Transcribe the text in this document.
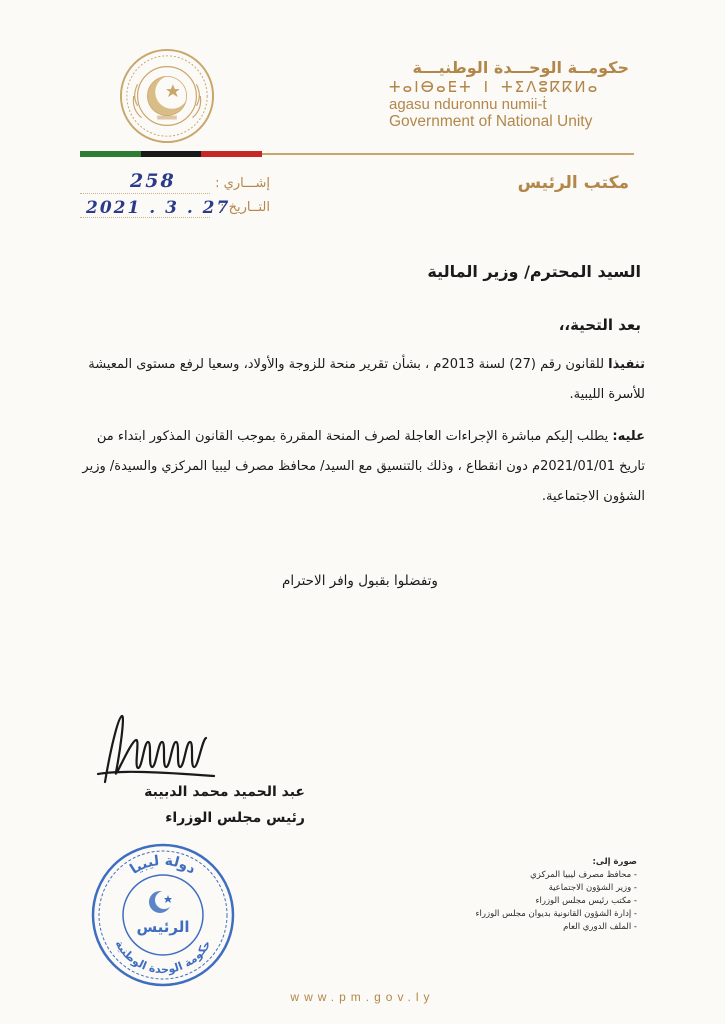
حكومــة الوحـــدة الوطنيـــة

ⵜⴰⵏⴱⴰⴹⵜ ⵏ ⵜⵉⴷⵓⴽⴽⵍⴰ

agasu nduronnu numii-ṫ

Government of National Unity

مكتب الرئيس
إشـــاري :
258
التــاريخ :
2021 . 3 . 27
السيد المحترم/ وزير المالية
بعد التحية،،
تنفيذا للقانون رقم (27) لسنة 2013م ، بشأن تقرير منحة للزوجة والأولاد، وسعيا لرفع مستوى المعيشة للأسرة الليبية.
عليه: يطلب إليكم مباشرة الإجراءات العاجلة لصرف المنحة المقررة بموجب القانون المذكور ابتداء من تاريخ 2021/01/01م دون انقطاع ، وذلك بالتنسيق مع السيد/ محافظ مصرف ليبيا المركزي والسيدة/ وزير الشؤون الاجتماعية.
وتفضلوا بقبول وافر الاحترام
عبد الحميد محمد الدبيبة
رئيس مجلس الوزراء
دولة ليبيا
حكومة الوحدة الوطنية
الرئيس
صورة إلى:
- محافظ مصرف ليبيا المركزي
- وزير الشؤون الاجتماعية
- مكتب رئيس مجلس الوزراء
- إدارة الشؤون القانونية بديوان مجلس الوزراء
- الملف الدوري العام
www.pm.gov.ly
